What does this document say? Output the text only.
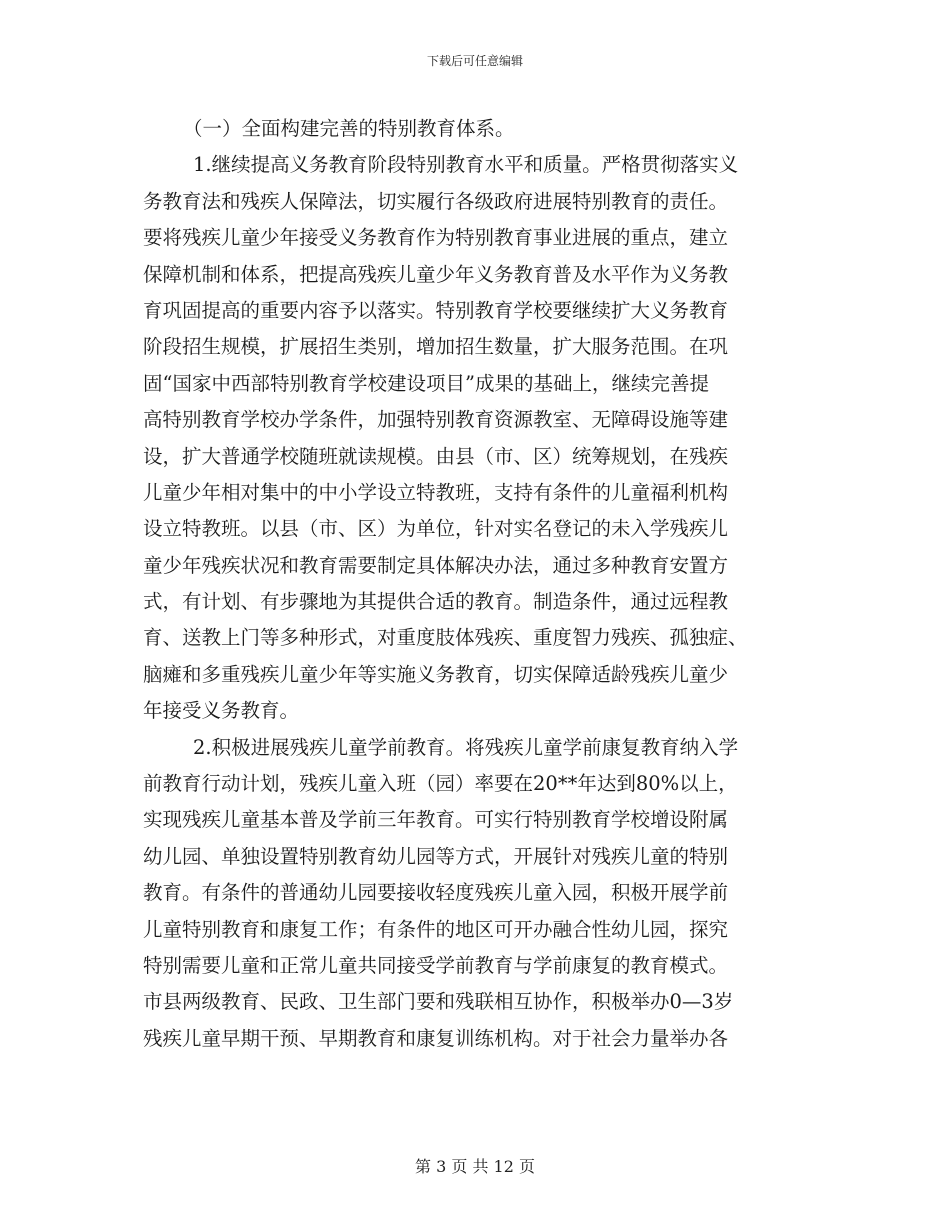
下载后可任意编辑
（一）全面构建完善的特别教育体系。
1.继续提高义务教育阶段特别教育水平和质量。严格贯彻落实义
务教育法和残疾人保障法，切实履行各级政府进展特别教育的责任。
要将残疾儿童少年接受义务教育作为特别教育事业进展的重点，建立
保障机制和体系，把提高残疾儿童少年义务教育普及水平作为义务教
育巩固提高的重要内容予以落实。特别教育学校要继续扩大义务教育
阶段招生规模，扩展招生类别，增加招生数量，扩大服务范围。在巩
固“国家中西部特别教育学校建设项目”成果的基础上，继续完善提
高特别教育学校办学条件，加强特别教育资源教室、无障碍设施等建
设，扩大普通学校随班就读规模。由县（市、区）统筹规划，在残疾
儿童少年相对集中的中小学设立特教班，支持有条件的儿童福利机构
设立特教班。以县（市、区）为单位，针对实名登记的未入学残疾儿
童少年残疾状况和教育需要制定具体解决办法，通过多种教育安置方
式，有计划、有步骤地为其提供合适的教育。制造条件，通过远程教
育、送教上门等多种形式，对重度肢体残疾、重度智力残疾、孤独症、
脑瘫和多重残疾儿童少年等实施义务教育，切实保障适龄残疾儿童少
年接受义务教育。
2.积极进展残疾儿童学前教育。将残疾儿童学前康复教育纳入学
前教育行动计划，残疾儿童入班（园）率要在20**年达到80%以上，
实现残疾儿童基本普及学前三年教育。可实行特别教育学校增设附属
幼儿园、单独设置特别教育幼儿园等方式，开展针对残疾儿童的特别
教育。有条件的普通幼儿园要接收轻度残疾儿童入园，积极开展学前
儿童特别教育和康复工作；有条件的地区可开办融合性幼儿园，探究
特别需要儿童和正常儿童共同接受学前教育与学前康复的教育模式。
市县两级教育、民政、卫生部门要和残联相互协作，积极举办0—3岁
残疾儿童早期干预、早期教育和康复训练机构。对于社会力量举办各
第 3 页 共 12 页
